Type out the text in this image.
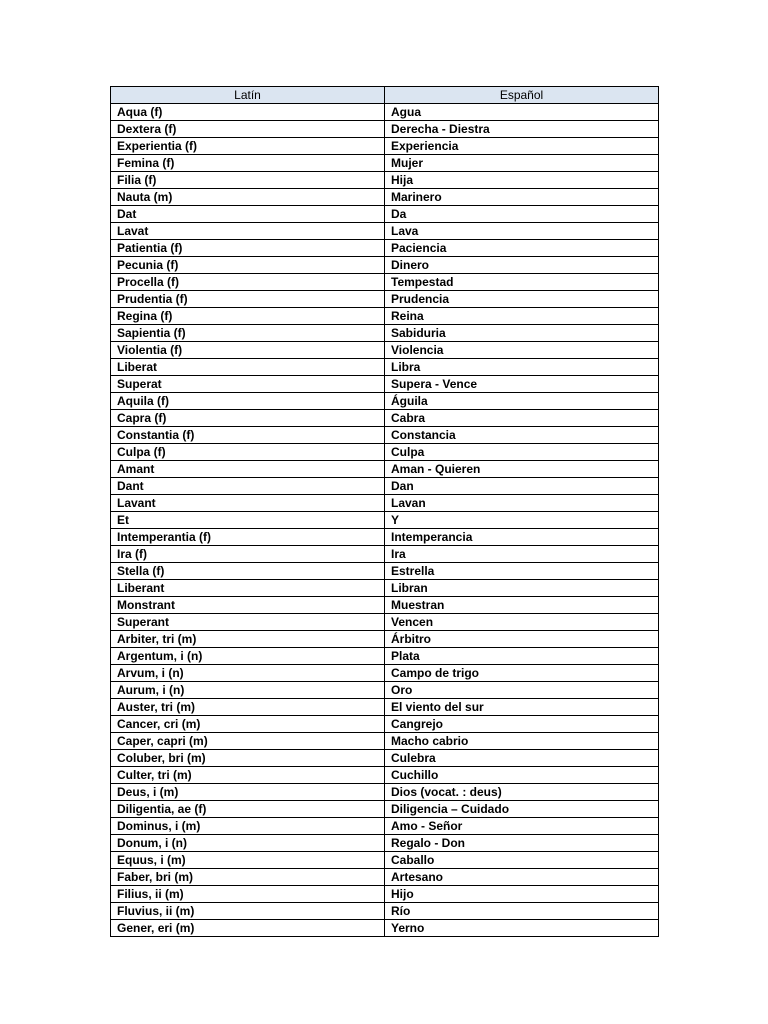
Latín	Español
Aqua (f)	Agua
Dextera (f)	Derecha - Diestra
Experientia (f)	Experiencia
Femina (f)	Mujer
Filia (f)	Hija
Nauta (m)	Marinero
Dat	Da
Lavat	Lava
Patientia (f)	Paciencia
Pecunia (f)	Dinero
Procella (f)	Tempestad
Prudentia (f)	Prudencia
Regina (f)	Reina
Sapientia (f)	Sabiduria
Violentia (f)	Violencia
Liberat	Libra
Superat	Supera - Vence
Aquila (f)	Águila
Capra (f)	Cabra
Constantia (f)	Constancia
Culpa (f)	Culpa
Amant	Aman - Quieren
Dant	Dan
Lavant	Lavan
Et	Y
Intemperantia (f)	Intemperancia
Ira (f)	Ira
Stella (f)	Estrella
Liberant	Libran
Monstrant	Muestran
Superant	Vencen
Arbiter, tri (m)	Árbitro
Argentum, i (n)	Plata
Arvum, i (n)	Campo de trigo
Aurum, i (n)	Oro
Auster, tri (m)	El viento del sur
Cancer, cri (m)	Cangrejo
Caper, capri (m)	Macho cabrio
Coluber, bri (m)	Culebra
Culter, tri (m)	Cuchillo
Deus, i (m)	Dios (vocat. : deus)
Diligentia, ae (f)	Diligencia – Cuidado
Dominus, i (m)	Amo - Señor
Donum, i (n)	Regalo - Don
Equus, i (m)	Caballo
Faber, bri (m)	Artesano
Filius, ii (m)	Hijo
Fluvius, ii (m)	Río
Gener, eri (m)	Yerno
